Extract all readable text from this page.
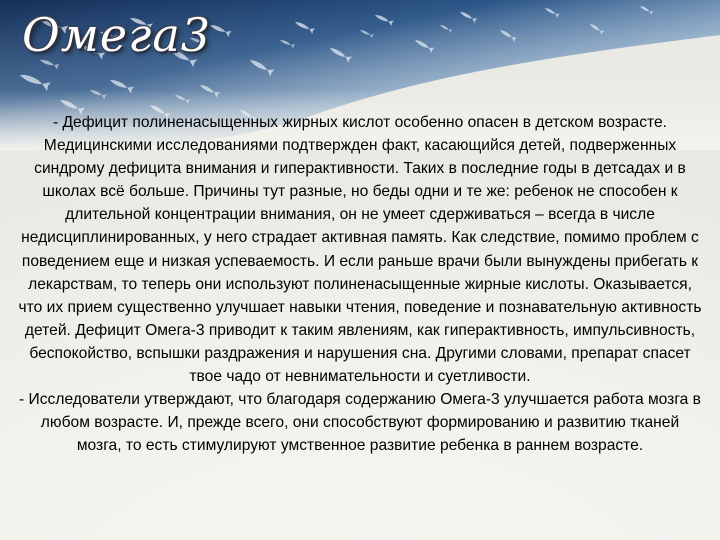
Омега3

- Дефицит полиненасыщенных жирных кислот особенно опасен в детском возрасте. Медицинскими исследованиями подтвержден факт, касающийся детей, подверженных синдрому дефицита внимания и гиперактивности. Таких в последние годы в детсадах и в школах всё больше. Причины тут разные, но беды одни и те же: ребенок не способен к длительной концентрации внимания, он не умеет сдерживаться – всегда в числе недисциплинированных, у него страдает активная память. Как следствие, помимо проблем с поведением еще и низкая успеваемость. И если раньше врачи были вынуждены прибегать к лекарствам, то теперь они используют полиненасыщенные жирные кислоты. Оказывается, что их прием существенно улучшает навыки чтения, поведение и познавательную активность детей. Дефицит Омега-3 приводит к таким явлениям, как гиперактивность, импульсивность, беспокойство, вспышки раздражения и нарушения сна. Другими словами, препарат спасет твое чадо от невнимательности и суетливости.

- Исследователи утверждают, что благодаря содержанию Омега-3 улучшается работа мозга в любом возрасте. И, прежде всего, они способствуют формированию и развитию тканей мозга, то есть стимулируют умственное развитие ребенка в раннем возрасте.
